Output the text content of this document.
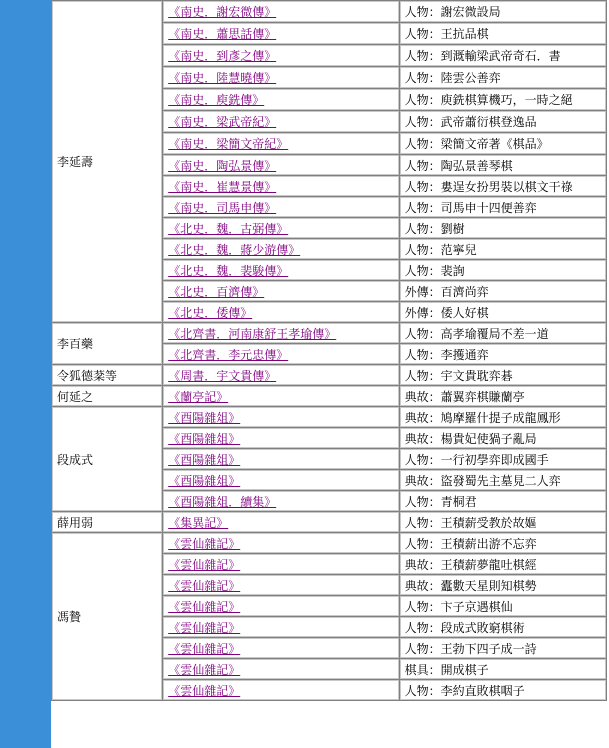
李延壽	《南史．謝宏微傳》	人物：謝宏微設局
	《南史．蕭思話傳》	人物：王抗品棋
	《南史．到彥之傳》	人物：到溉輸梁武帝奇石．書
	《南史．陸慧曉傳》	人物：陸雲公善弈
	《南史．庾銑傳》	人物：庾銑棋算機巧，一時之絕
	《南史．梁武帝紀》	人物：武帝蕭衍棋登逸品
	《南史．梁簡文帝紀》	人物：梁簡文帝著《棋品》
	《南史．陶弘景傳》	人物：陶弘景善琴棋
	《南史．崔慧景傳》	人物：婁逞女扮男裝以棋文干祿
	《南史．司馬申傳》	人物：司馬申十四便善弈
	《北史．魏．古弼傳》	人物：劉樹
	《北史．魏．蔣少游傳》	人物：范寧兒
	《北史．魏．裴駿傳》	人物：裴詢
	《北史．百濟傳》	外傳：百濟尚弈
	《北史．倭傳》	外傳：倭人好棋
李百藥	《北齊書．河南康舒王孝瑜傳》	人物：高孝瑜覆局不差一道
	《北齊書．李元忠傳》	人物：李擭通弈
令狐德棻等	《周書．宇文貴傳》	人物：宇文貴耽弈碁
何延之	《蘭亭記》	典故：蕭翼弈棋賺蘭亭
段成式	《酉陽雜俎》	典故：鳩摩羅什提子成龍鳳形
	《酉陽雜俎》	典故：楊貴妃使猧子亂局
	《酉陽雜俎》	人物：一行初學弈即成國手
	《酉陽雜俎》	典故：盜發蜀先主墓見二人弈
	《酉陽雜俎．續集》	人物：青桐君
薛用弱	《集異記》	人物：王積薪受教於故嫗
馮贄	《雲仙雜記》	人物：王積薪出游不忘弈
	《雲仙雜記》	典故：王積薪夢龍吐棋經
	《雲仙雜記》	典故：蠹數天星則知棋勢
	《雲仙雜記》	人物：卞子京遇棋仙
	《雲仙雜記》	人物：段成式敗窮棋術
	《雲仙雜記》	人物：王勃下四子成一詩
	《雲仙雜記》	棋具：開成棋子
	《雲仙雜記》	人物：李約直敗棋咽子
